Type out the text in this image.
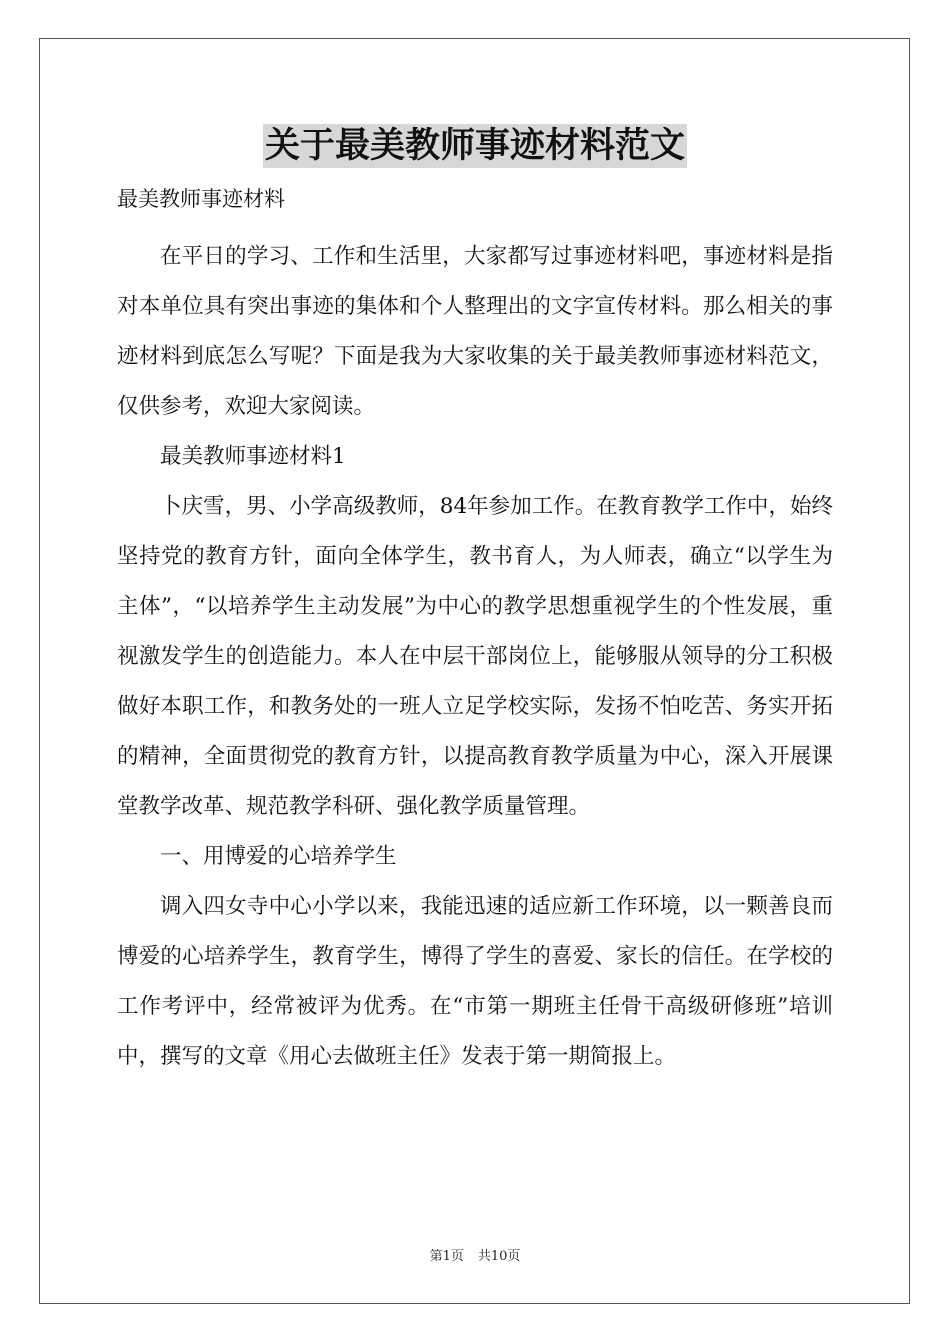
关于最美教师事迹材料范文
最美教师事迹材料

在平日的学习、工作和生活里，大家都写过事迹材料吧，事迹材料是指对本单位具有突出事迹的集体和个人整理出的文字宣传材料。那么相关的事迹材料到底怎么写呢？下面是我为大家收集的关于最美教师事迹材料范文，仅供参考，欢迎大家阅读。

最美教师事迹材料1

卜庆雪，男、小学高级教师，84年参加工作。在教育教学工作中，始终坚持党的教育方针，面向全体学生，教书育人，为人师表，确立“以学生为主体”，“以培养学生主动发展”为中心的教学思想重视学生的个性发展，重视激发学生的创造能力。本人在中层干部岗位上，能够服从领导的分工积极做好本职工作，和教务处的一班人立足学校实际，发扬不怕吃苦、务实开拓的精神，全面贯彻党的教育方针，以提高教育教学质量为中心，深入开展课堂教学改革、规范教学科研、强化教学质量管理。

一、用博爱的心培养学生

调入四女寺中心小学以来，我能迅速的适应新工作环境，以一颗善良而博爱的心培养学生，教育学生，博得了学生的喜爱、家长的信任。在学校的工作考评中，经常被评为优秀。在“市第一期班主任骨干高级研修班”培训中，撰写的文章《用心去做班主任》发表于第一期简报上。

第1页 共10页
